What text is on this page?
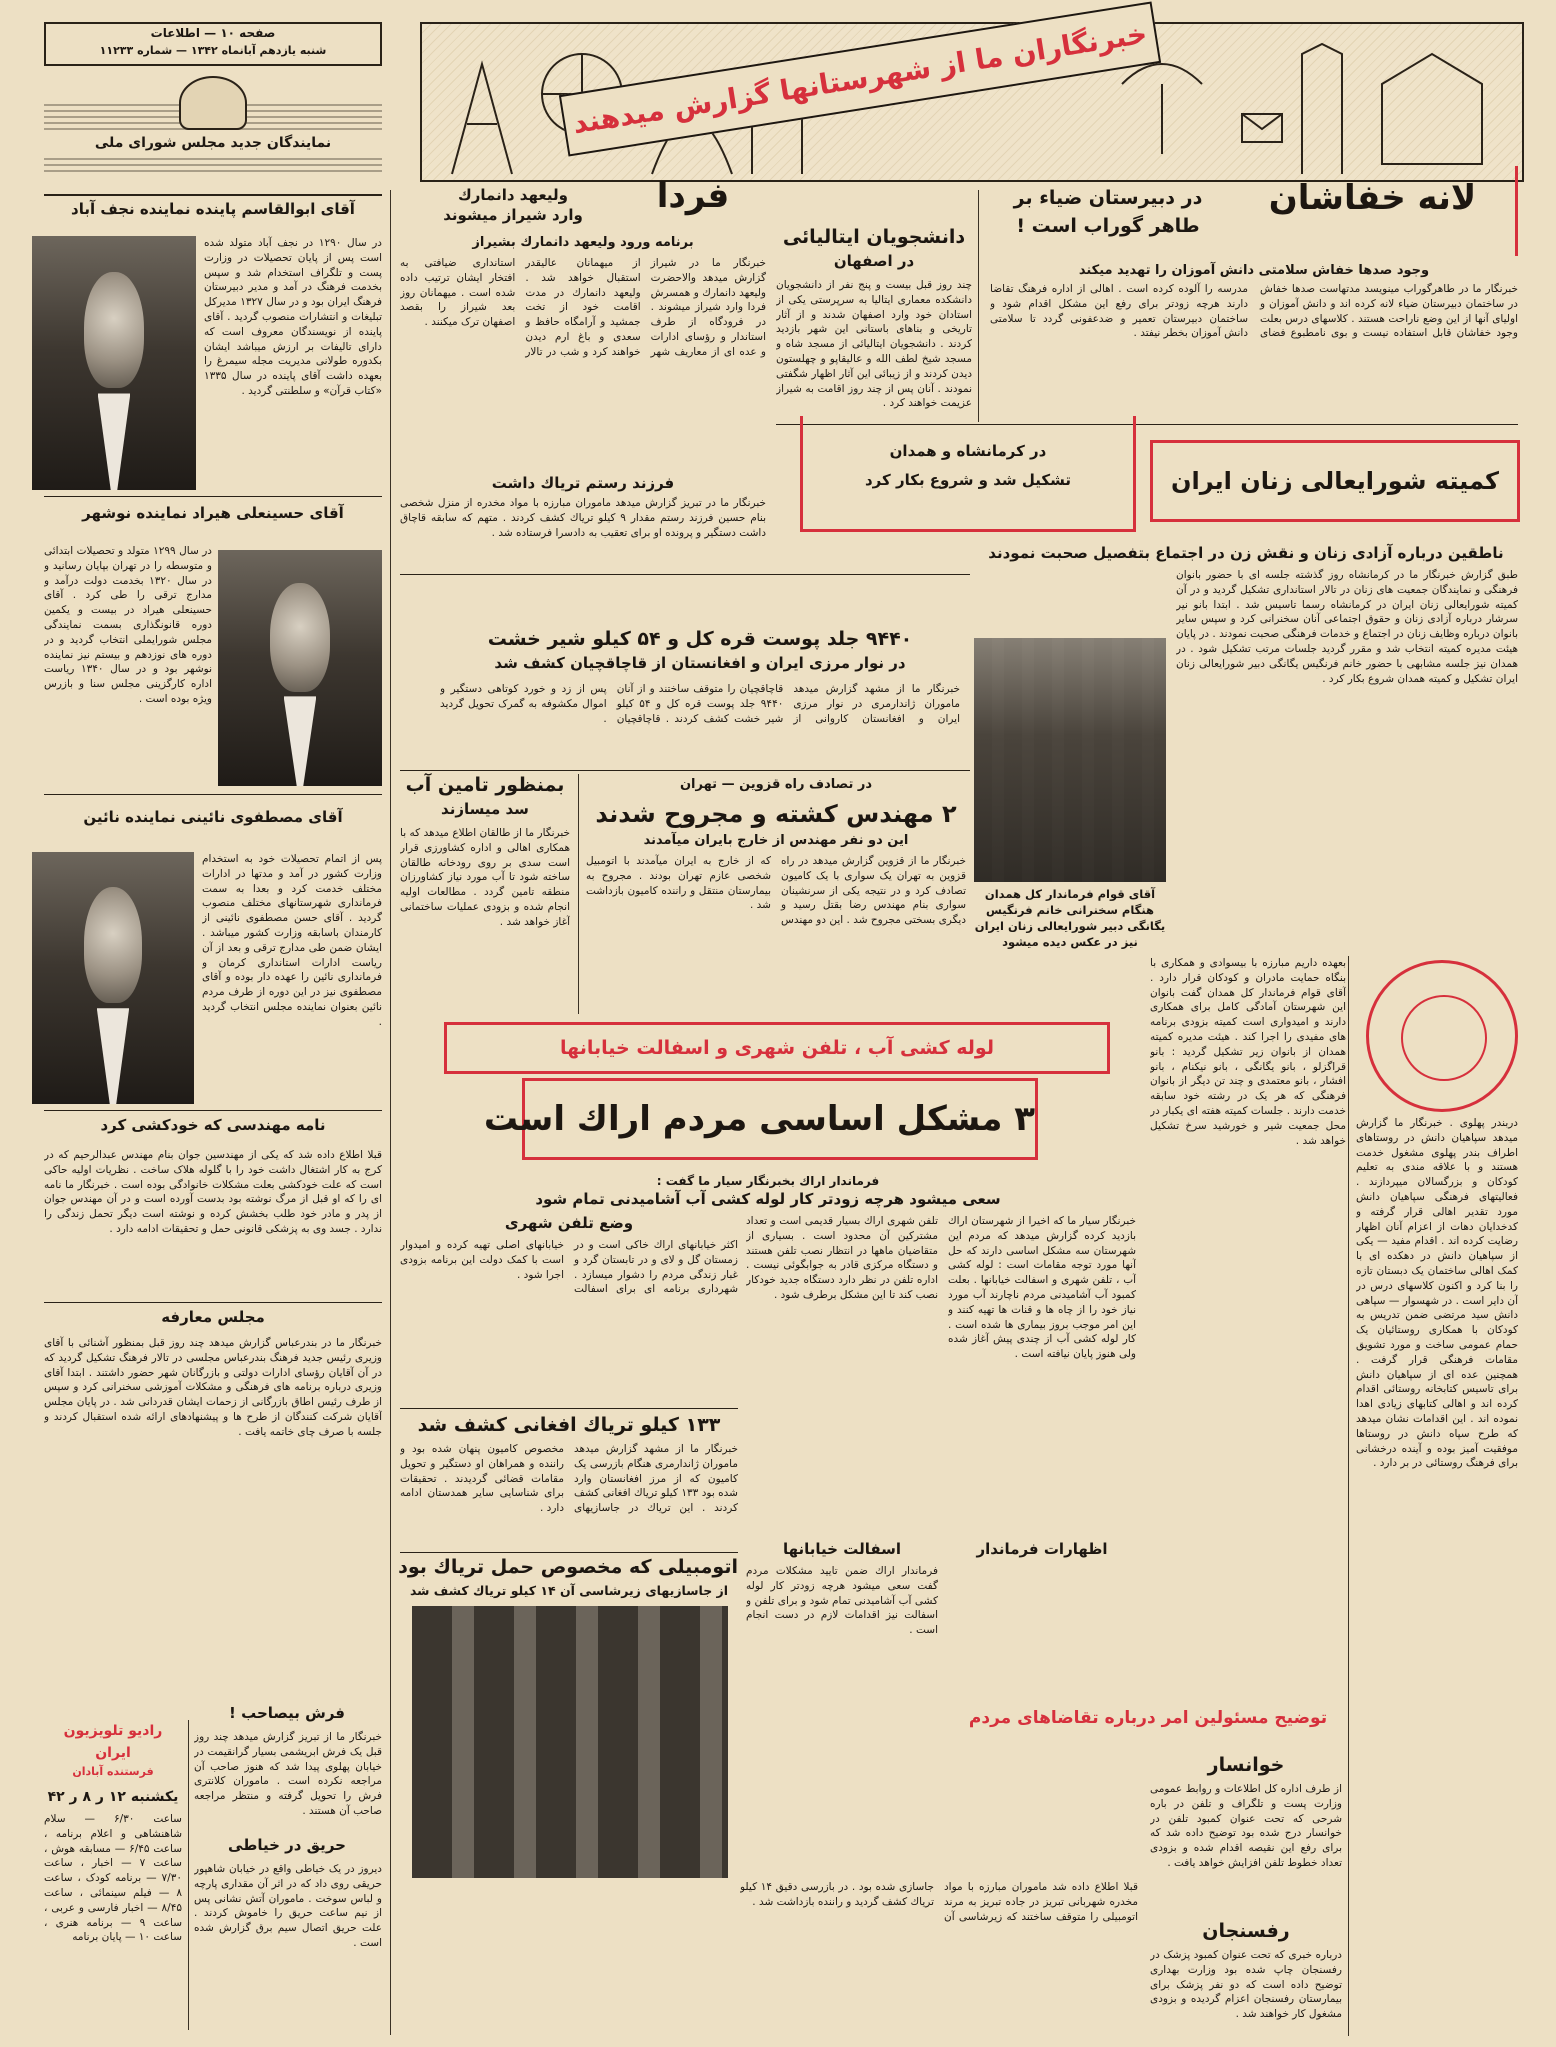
خبرنگاران ما از شهرستانها گزارش میدهند
صفحه ۱۰ — اطلاعات
شنبه یازدهم آبانماه ۱۳۴۲ — شماره ۱۱۲۳۳
نمایندگان جدید مجلس شورای ملی
آقای ابوالقاسم پاینده نماینده نجف آباد
در سال ۱۲۹۰ در نجف آباد متولد شده است پس از پایان تحصیلات در وزارت پست و تلگراف استخدام شد و سپس بخدمت فرهنگ در آمد و مدیر دبیرستان فرهنگ ایران بود و در سال ۱۳۲۷ مدیرکل تبلیغات و انتشارات منصوب گردید . آقای پاینده از نویسندگان معروف است که دارای تالیفات بر ارزش میباشد ایشان بکدوره طولانی مدیریت مجله سیمرغ را بعهده داشت آقای پاینده در سال ۱۳۳۵ «کتاب قرآن» و سلطنتی گردید .
آقای حسینعلی هیراد نماینده نوشهر
در سال ۱۲۹۹ متولد و تحصیلات ابتدائی و متوسطه را در تهران بپایان رسانید و در سال ۱۳۲۰ بخدمت دولت درآمد و مدارج ترقی را طی کرد . آقای حسینعلی هیراد در بیست و یکمین دوره قانونگذاری بسمت نمایندگی مجلس شورایملی انتخاب گردید و در دوره های نوزدهم و بیستم نیز نماینده نوشهر بود و در سال ۱۳۴۰ ریاست اداره کارگزینی مجلس سنا و بازرس ویژه بوده است .
آقای مصطفوی نائینی نماینده نائین
پس از اتمام تحصیلات خود به استخدام وزارت کشور در آمد و مدتها در ادارات مختلف خدمت کرد و بعدا به سمت فرمانداری شهرستانهای مختلف منصوب گردید . آقای حسن مصطفوی نائینی از کارمندان باسابقه وزارت کشور میباشد . ایشان ضمن طی مدارج ترقی و بعد از آن ریاست ادارات استانداری کرمان و فرمانداری نائین را عهده دار بوده و آقای مصطفوی نیز در این دوره از طرف مردم نائین بعنوان نماینده مجلس انتخاب گردید .
نامه مهندسی که خودکشی کرد
قبلا اطلاع داده شد که یکی از مهندسین جوان بنام مهندس عبدالرحیم که در کرج به کار اشتغال داشت خود را با گلوله هلاک ساخت . نظریات اولیه حاکی است که علت خودکشی بعلت مشکلات خانوادگی بوده است . خبرنگار ما نامه ای را که او قبل از مرگ نوشته بود بدست آورده است و در آن مهندس جوان از پدر و مادر خود طلب بخشش کرده و نوشته است دیگر تحمل زندگی را ندارد . جسد وی به پزشکی قانونی حمل و تحقیقات ادامه دارد .
مجلس معارفه
خبرنگار ما در بندرعباس گزارش میدهد چند روز قبل بمنظور آشنائی با آقای وزیری رئیس جدید فرهنگ بندرعباس مجلسی در تالار فرهنگ تشکیل گردید که در آن آقایان رؤسای ادارات دولتی و بازرگانان شهر حضور داشتند . ابتدا آقای وزیری درباره برنامه های فرهنگی و مشکلات آموزشی سخنرانی کرد و سپس از طرف رئیس اطاق بازرگانی از زحمات ایشان قدردانی شد . در پایان مجلس آقایان شرکت کنندگان از طرح ها و پیشنهادهای ارائه شده استقبال کردند و جلسه با صرف چای خاتمه یافت .
رادیو تلویزیون ایران
فرستنده آبادان
یکشنبه ۱۲ ر ۸ ر ۴۲
ساعت ۶/۳۰ — سلام شاهنشاهی و اعلام برنامه ، ساعت ۶/۴۵ — مسابقه هوش ، ساعت ۷ — اخبار ، ساعت ۷/۳۰ — برنامه کودک ، ساعت ۸ — فیلم سینمائی ، ساعت ۸/۴۵ — اخبار فارسی و عربی ، ساعت ۹ — برنامه هنری ، ساعت ۱۰ — پایان برنامه
فرش بیصاحب !
خبرنگار ما از تبریز گزارش میدهد چند روز قبل یک فرش ابریشمی بسیار گرانقیمت در خیابان پهلوی پیدا شد که هنوز صاحب آن مراجعه نکرده است . ماموران کلانتری فرش را تحویل گرفته و منتظر مراجعه صاحب آن هستند .
حریق در خیاطی
دیروز در یک خیاطی واقع در خیابان شاهپور حریقی روی داد که در اثر آن مقداری پارچه و لباس سوخت . ماموران آتش نشانی پس از نیم ساعت حریق را خاموش کردند . علت حریق اتصال سیم برق گزارش شده است .
فردا
ولیعهد دانمارك
وارد شیراز میشوند
برنامه ورود ولیعهد دانمارك بشیراز
خبرنگار ما در شیراز گزارش میدهد والاحضرت ولیعهد دانمارك و همسرش فردا وارد شیراز میشوند . در فرودگاه از طرف استاندار و رؤسای ادارات و عده ای از معاریف شهر از میهمانان عالیقدر استقبال خواهد شد . ولیعهد دانمارك در مدت اقامت خود از تخت جمشید و آرامگاه حافظ و سعدی و باغ ارم دیدن خواهند کرد و شب در تالار استانداری ضیافتی به افتخار ایشان ترتیب داده شده است . میهمانان روز بعد شیراز را بقصد اصفهان ترک میکنند .
فرزند رستم تریاك داشت
خبرنگار ما در تبریز گزارش میدهد ماموران مبارزه با مواد مخدره از منزل شخصی بنام حسین فرزند رستم مقدار ۹ کیلو تریاك کشف کردند . متهم که سابقه قاچاق داشت دستگیر و پرونده او برای تعقیب به دادسرا فرستاده شد .
۹۴۴۰ جلد پوست قره کل و ۵۴ کیلو شیر خشت
در نوار مرزی ایران و افغانستان از قاچاقچیان کشف شد
خبرنگار ما از مشهد گزارش میدهد ماموران ژاندارمری در نوار مرزی ایران و افغانستان کاروانی از قاچاقچیان را متوقف ساختند و از آنان ۹۴۴۰ جلد پوست قره کل و ۵۴ کیلو شیر خشت کشف کردند . قاچاقچیان پس از زد و خورد کوتاهی دستگیر و اموال مکشوفه به گمرک تحویل گردید .
بمنظور تامین آب
سد میسازند
خبرنگار ما از طالقان اطلاع میدهد که با همکاری اهالی و اداره کشاورزی قرار است سدی بر روی رودخانه طالقان ساخته شود تا آب مورد نیاز کشاورزان منطقه تامین گردد . مطالعات اولیه انجام شده و بزودی عملیات ساختمانی آغاز خواهد شد .
در تصادف راه قزوین — تهران
۲ مهندس کشته و مجروح شدند
این دو نفر مهندس از خارج بایران میآمدند
خبرنگار ما از قزوین گزارش میدهد در راه قزوین به تهران یک سواری با یک کامیون تصادف کرد و در نتیجه یکی از سرنشینان سواری بنام مهندس رضا بقتل رسید و دیگری بسختی مجروح شد . این دو مهندس که از خارج به ایران میآمدند با اتومبیل شخصی عازم تهران بودند . مجروح به بیمارستان منتقل و راننده کامیون بازداشت شد .
لوله کشی آب ، تلفن شهری و اسفالت خیابانها
۳ مشکل اساسی مردم اراك است
فرماندار اراك بخبرنگار سیار ما گفت :
سعی میشود هرچه زودتر کار لوله کشی آب آشامیدنی تمام شود
خبرنگار سیار ما که اخیرا از شهرستان اراك بازدید کرده گزارش میدهد که مردم این شهرستان سه مشکل اساسی دارند که حل آنها مورد توجه مقامات است : لوله کشی آب ، تلفن شهری و اسفالت خیابانها . بعلت کمبود آب آشامیدنی مردم ناچارند آب مورد نیاز خود را از چاه ها و قنات ها تهیه کنند و این امر موجب بروز بیماری ها شده است . کار لوله کشی آب از چندی پیش آغاز شده ولی هنوز پایان نیافته است .
تلفن شهری اراك بسیار قدیمی است و تعداد مشترکین آن محدود است . بسیاری از متقاضیان ماهها در انتظار نصب تلفن هستند و دستگاه مرکزی قادر به جوابگوئی نیست . اداره تلفن در نظر دارد دستگاه جدید خودکار نصب کند تا این مشکل برطرف شود .
وضع تلفن شهری
اکثر خیابانهای اراك خاکی است و در زمستان گل و لای و در تابستان گرد و غبار زندگی مردم را دشوار میسازد . شهرداری برنامه ای برای اسفالت خیابانهای اصلی تهیه کرده و امیدوار است با کمک دولت این برنامه بزودی اجرا شود .
۱۳۳ کیلو تریاك افغانی کشف شد
خبرنگار ما از مشهد گزارش میدهد ماموران ژاندارمری هنگام بازرسی یک کامیون که از مرز افغانستان وارد شده بود ۱۳۳ کیلو تریاك افغانی کشف کردند . این تریاك در جاسازیهای مخصوص کامیون پنهان شده بود و راننده و همراهان او دستگیر و تحویل مقامات قضائی گردیدند . تحقیقات برای شناسایی سایر همدستان ادامه دارد .
اتومبیلی که مخصوص حمل تریاك بود
از جاسازیهای زیرشاسی آن ۱۴ کیلو تریاك کشف شد
قبلا اطلاع داده شد ماموران مبارزه با مواد مخدره شهربانی تبریز در جاده تبریز به مرند اتومبیلی را متوقف ساختند که زیرشاسی آن جاسازی شده بود . در بازرسی دقیق ۱۴ کیلو تریاك کشف گردید و راننده بازداشت شد .
اسفالت خیابانها
فرماندار اراك ضمن تایید مشکلات مردم گفت سعی میشود هرچه زودتر کار لوله کشی آب آشامیدنی تمام شود و برای تلفن و اسفالت نیز اقدامات لازم در دست انجام است .
اظهارات فرماندار
لانه خفاشان
در دبیرستان ضیاء بر طاهر گوراب است !
وجود صدها خفاش سلامتی دانش آموزان را تهدید میکند
خبرنگار ما در طاهرگوراب مینویسد مدتهاست صدها خفاش در ساختمان دبیرستان ضیاء لانه کرده اند و دانش آموزان و اولیای آنها از این وضع ناراحت هستند . کلاسهای درس بعلت وجود خفاشان قابل استفاده نیست و بوی نامطبوع فضای مدرسه را آلوده کرده است . اهالی از اداره فرهنگ تقاضا دارند هرچه زودتر برای رفع این مشکل اقدام شود و ساختمان دبیرستان تعمیر و ضدعفونی گردد تا سلامتی دانش آموزان بخطر نیفتد .
دانشجویان ایتالیائی
در اصفهان
چند روز قبل بیست و پنج نفر از دانشجویان دانشکده معماری ایتالیا به سرپرستی یکی از استادان خود وارد اصفهان شدند و از آثار تاریخی و بناهای باستانی این شهر بازدید کردند . دانشجویان ایتالیائی از مسجد شاه و مسجد شیخ لطف الله و عالیقاپو و چهلستون دیدن کردند و از زیبائی این آثار اظهار شگفتی نمودند . آنان پس از چند روز اقامت به شیراز عزیمت خواهند کرد .
کمیته شورایعالی زنان ایران
در کرمانشاه و همدان
تشکیل شد و شروع بکار کرد
ناطقین درباره آزادی زنان و نقش زن در اجتماع بتفصیل صحبت نمودند
طبق گزارش خبرنگار ما در کرمانشاه روز گذشته جلسه ای با حضور بانوان فرهنگی و نمایندگان جمعیت های زنان در تالار استانداری تشکیل گردید و در آن کمیته شورایعالی زنان ایران در کرمانشاه رسما تاسیس شد . ابتدا بانو نیر سرشار درباره آزادی زنان و حقوق اجتماعی آنان سخنرانی کرد و سپس سایر بانوان درباره وظایف زنان در اجتماع و خدمات فرهنگی صحبت نمودند . در پایان هیئت مدیره کمیته انتخاب شد و مقرر گردید جلسات مرتب تشکیل شود . در همدان نیز جلسه مشابهی با حضور خانم فرنگیس یگانگی دبیر شورایعالی زنان ایران تشکیل و کمیته همدان شروع بکار کرد .
آقای قوام فرماندار کل همدان هنگام سخنرانی خانم فرنگیس یگانگی دبیر شورایعالی زنان ایران نیز در عکس دیده میشود
بعهده داریم مبارزه با بیسوادی و همکاری با بنگاه حمایت مادران و کودکان قرار دارد . آقای قوام فرماندار کل همدان گفت بانوان این شهرستان آمادگی کامل برای همکاری دارند و امیدواری است کمیته بزودی برنامه های مفیدی را اجرا کند . هیئت مدیره کمیته همدان از بانوان زیر تشکیل گردید : بانو قراگزلو ، بانو یگانگی ، بانو نیکنام ، بانو افشار ، بانو معتمدی و چند تن دیگر از بانوان فرهنگی که هر یک در رشته خود سابقه خدمت دارند . جلسات کمیته هفته ای یکبار در محل جمعیت شیر و خورشید سرخ تشکیل خواهد شد .
دربندر پهلوی . خبرنگار ما گزارش میدهد سپاهیان دانش در روستاهای اطراف بندر پهلوی مشغول خدمت هستند و با علاقه مندی به تعلیم کودکان و بزرگسالان میپردازند . فعالیتهای فرهنگی سپاهیان دانش مورد تقدیر اهالی قرار گرفته و کدخدایان دهات از اعزام آنان اظهار رضایت کرده اند . اقدام مفید — یکی از سپاهیان دانش در دهکده ای با کمک اهالی ساختمان یک دبستان تازه را بنا کرد و اکنون کلاسهای درس در آن دایر است . در شهسوار — سپاهی دانش سید مرتضی ضمن تدریس به کودکان با همکاری روستائیان یک حمام عمومی ساخت و مورد تشویق مقامات فرهنگی قرار گرفت . همچنین عده ای از سپاهیان دانش برای تاسیس کتابخانه روستائی اقدام کرده اند و اهالی کتابهای زیادی اهدا نموده اند . این اقدامات نشان میدهد که طرح سپاه دانش در روستاها موفقیت آمیز بوده و آینده درخشانی برای فرهنگ روستائی در بر دارد .
توضیح مسئولین امر درباره تقاضاهای مردم
خوانسار
از طرف اداره کل اطلاعات و روابط عمومی وزارت پست و تلگراف و تلفن در باره شرحی که تحت عنوان کمبود تلفن در خوانسار درج شده بود توضیح داده شد که برای رفع این نقیصه اقدام شده و بزودی تعداد خطوط تلفن افزایش خواهد یافت .
رفسنجان
درباره خبری که تحت عنوان کمبود پزشک در رفسنجان چاپ شده بود وزارت بهداری توضیح داده است که دو نفر پزشک برای بیمارستان رفسنجان اعزام گردیده و بزودی مشغول کار خواهند شد .
